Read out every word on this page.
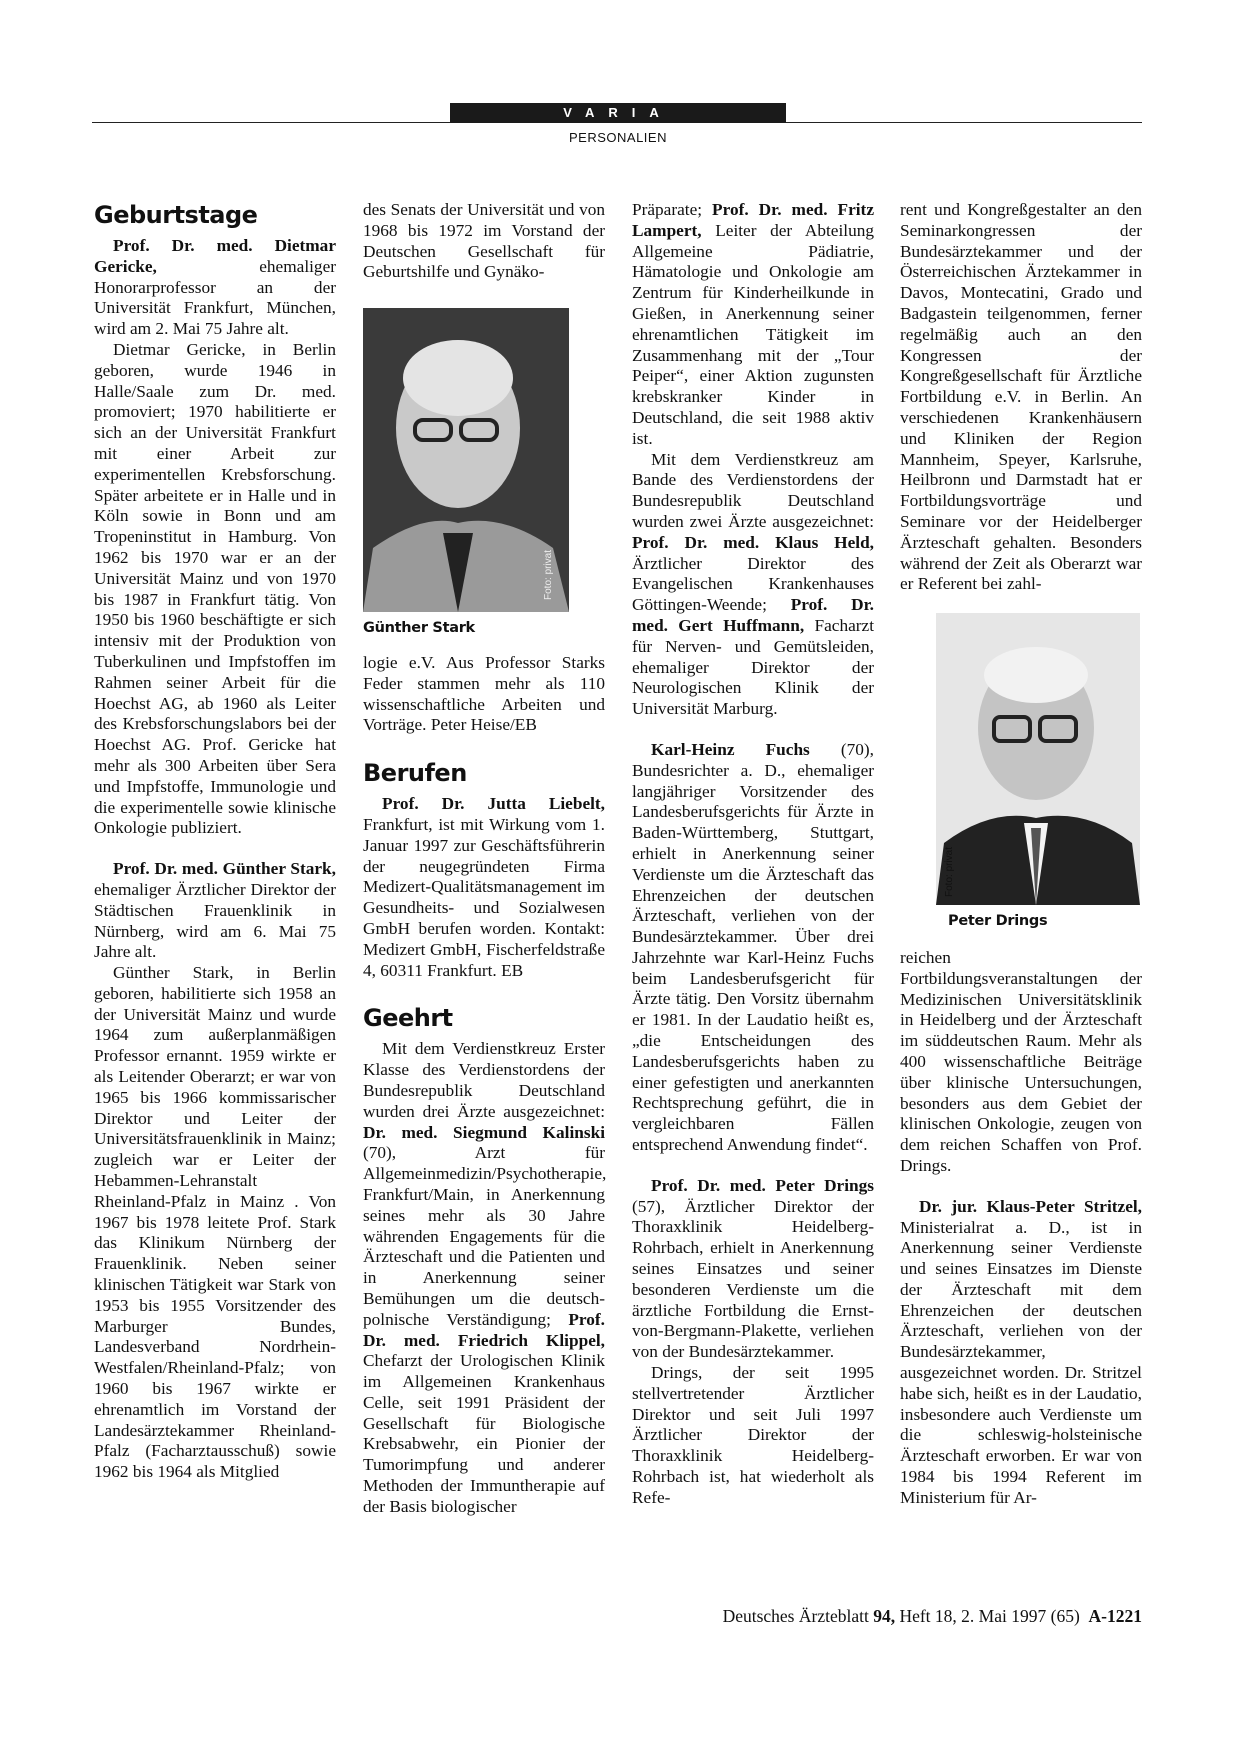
VARIA
PERSONALIEN
Geburtstage

Prof. Dr. med. Dietmar Gericke, ehemaliger Honorarprofessor an der Universität Frankfurt, München, wird am 2. Mai 75 Jahre alt.

Dietmar Gericke, in Berlin geboren, wurde 1946 in Halle/Saale zum Dr. med. promoviert; 1970 habilitierte er sich an der Universität Frankfurt mit einer Arbeit zur experimentellen Krebsforschung. Später arbeitete er in Halle und in Köln sowie in Bonn und am Tropeninstitut in Hamburg. Von 1962 bis 1970 war er an der Universität Mainz und von 1970 bis 1987 in Frankfurt tätig. Von 1950 bis 1960 beschäftigte er sich intensiv mit der Produktion von Tuberkulinen und Impfstoffen im Rahmen seiner Arbeit für die Hoechst AG, ab 1960 als Leiter des Krebsforschungslabors bei der Hoechst AG. Prof. Gericke hat mehr als 300 Arbeiten über Sera und Impfstoffe, Immunologie und die experimentelle sowie klinische Onkologie publiziert.

Prof. Dr. med. Günther Stark, ehemaliger Ärztlicher Direktor der Städtischen Frauenklinik in Nürnberg, wird am 6. Mai 75 Jahre alt.

Günther Stark, in Berlin geboren, habilitierte sich 1958 an der Universität Mainz und wurde 1964 zum außerplanmäßigen Professor ernannt. 1959 wirkte er als Leitender Oberarzt; er war von 1965 bis 1966 kommissarischer Direktor und Leiter der Universitätsfrauenklinik in Mainz; zugleich war er Leiter der Hebammen-Lehranstalt Rheinland-Pfalz in Mainz . Von 1967 bis 1978 leitete Prof. Stark das Klinikum Nürnberg der Frauenklinik. Neben seiner klinischen Tätigkeit war Stark von 1953 bis 1955 Vorsitzender des Marburger Bundes, Landesverband Nordrhein-Westfalen/Rheinland-Pfalz; von 1960 bis 1967 wirkte er ehrenamtlich im Vorstand der Landesärztekammer Rheinland-Pfalz (Facharztausschuß) sowie 1962 bis 1964 als Mitglied

des Senats der Universität und von 1968 bis 1972 im Vorstand der Deutschen Gesellschaft für Geburtshilfe und Gynäko-

Foto: privat
Günther Stark

logie e.V. Aus Professor Starks Feder stammen mehr als 110 wissenschaftliche Arbeiten und Vorträge. Peter Heise/EB

Berufen

Prof. Dr. Jutta Liebelt, Frankfurt, ist mit Wirkung vom 1. Januar 1997 zur Geschäftsführerin der neugegründeten Firma Medizert-Qualitätsmanagement im Gesundheits- und Sozialwesen GmbH berufen worden. Kontakt: Medizert GmbH, Fischerfeldstraße 4, 60311 Frankfurt. EB

Geehrt

Mit dem Verdienstkreuz Erster Klasse des Verdienstordens der Bundesrepublik Deutschland wurden drei Ärzte ausgezeichnet: Dr. med. Siegmund Kalinski (70), Arzt für Allgemeinmedizin/Psychotherapie, Frankfurt/Main, in Anerkennung seines mehr als 30 Jahre währenden Engagements für die Ärzteschaft und die Patienten und in Anerkennung seiner Bemühungen um die deutsch-polnische Verständigung; Prof. Dr. med. Friedrich Klippel, Chefarzt der Urologischen Klinik im Allgemeinen Krankenhaus Celle, seit 1991 Präsident der Gesellschaft für Biologische Krebsabwehr, ein Pionier der Tumorimpfung und anderer Methoden der Immuntherapie auf der Basis biologischer

Präparate; Prof. Dr. med. Fritz Lampert, Leiter der Abteilung Allgemeine Pädiatrie, Hämatologie und Onkologie am Zentrum für Kinderheilkunde in Gießen, in Anerkennung seiner ehrenamtlichen Tätigkeit im Zusammenhang mit der „Tour Peiper“, einer Aktion zugunsten krebskranker Kinder in Deutschland, die seit 1988 aktiv ist.

Mit dem Verdienstkreuz am Bande des Verdienstordens der Bundesrepublik Deutschland wurden zwei Ärzte ausgezeichnet: Prof. Dr. med. Klaus Held, Ärztlicher Direktor des Evangelischen Krankenhauses Göttingen-Weende; Prof. Dr. med. Gert Huffmann, Facharzt für Nerven- und Gemütsleiden, ehemaliger Direktor der Neurologischen Klinik der Universität Marburg.

Karl-Heinz Fuchs (70), Bundesrichter a. D., ehemaliger langjähriger Vorsitzender des Landesberufsgerichts für Ärzte in Baden-Württemberg, Stuttgart, erhielt in Anerkennung seiner Verdienste um die Ärzteschaft das Ehrenzeichen der deutschen Ärzteschaft, verliehen von der Bundesärztekammer. Über drei Jahrzehnte war Karl-Heinz Fuchs beim Landesberufsgericht für Ärzte tätig. Den Vorsitz übernahm er 1981. In der Laudatio heißt es, „die Entscheidungen des Landesberufsgerichts haben zu einer gefestigten und anerkannten Rechtsprechung geführt, die in vergleichbaren Fällen entsprechend Anwendung findet“.

Prof. Dr. med. Peter Drings (57), Ärztlicher Direktor der Thoraxklinik Heidelberg-Rohrbach, erhielt in Anerkennung seines Einsatzes und seiner besonderen Verdienste um die ärztliche Fortbildung die Ernst-von-Bergmann-Plakette, verliehen von der Bundesärztekammer.

Drings, der seit 1995 stellvertretender Ärztlicher Direktor und seit Juli 1997 Ärztlicher Direktor der Thoraxklinik Heidelberg-Rohrbach ist, hat wiederholt als Refe-

rent und Kongreßgestalter an den Seminarkongressen der Bundesärztekammer und der Österreichischen Ärztekammer in Davos, Montecatini, Grado und Badgastein teilgenommen, ferner regelmäßig auch an den Kongressen der Kongreßgesellschaft für Ärztliche Fortbildung e.V. in Berlin. An verschiedenen Krankenhäusern und Kliniken der Region Mannheim, Speyer, Karlsruhe, Heilbronn und Darmstadt hat er Fortbildungsvorträge und Seminare vor der Heidelberger Ärzteschaft gehalten. Besonders während der Zeit als Oberarzt war er Referent bei zahl-

Foto: privat
Peter Drings

reichen Fortbildungsveranstaltungen der Medizinischen Universitätsklinik in Heidelberg und der Ärzteschaft im süddeutschen Raum. Mehr als 400 wissenschaftliche Beiträge über klinische Untersuchungen, besonders aus dem Gebiet der klinischen Onkologie, zeugen von dem reichen Schaffen von Prof. Drings.

Dr. jur. Klaus-Peter Stritzel, Ministerialrat a. D., ist in Anerkennung seiner Verdienste und seines Einsatzes im Dienste der Ärzteschaft mit dem Ehrenzeichen der deutschen Ärzteschaft, verliehen von der Bundesärztekammer, ausgezeichnet worden. Dr. Stritzel habe sich, heißt es in der Laudatio, insbesondere auch Verdienste um die schleswig-holsteinische Ärzteschaft erworben. Er war von 1984 bis 1994 Referent im Ministerium für Ar-

Deutsches Ärzteblatt 94, Heft 18, 2. Mai 1997 (65)  A-1221
